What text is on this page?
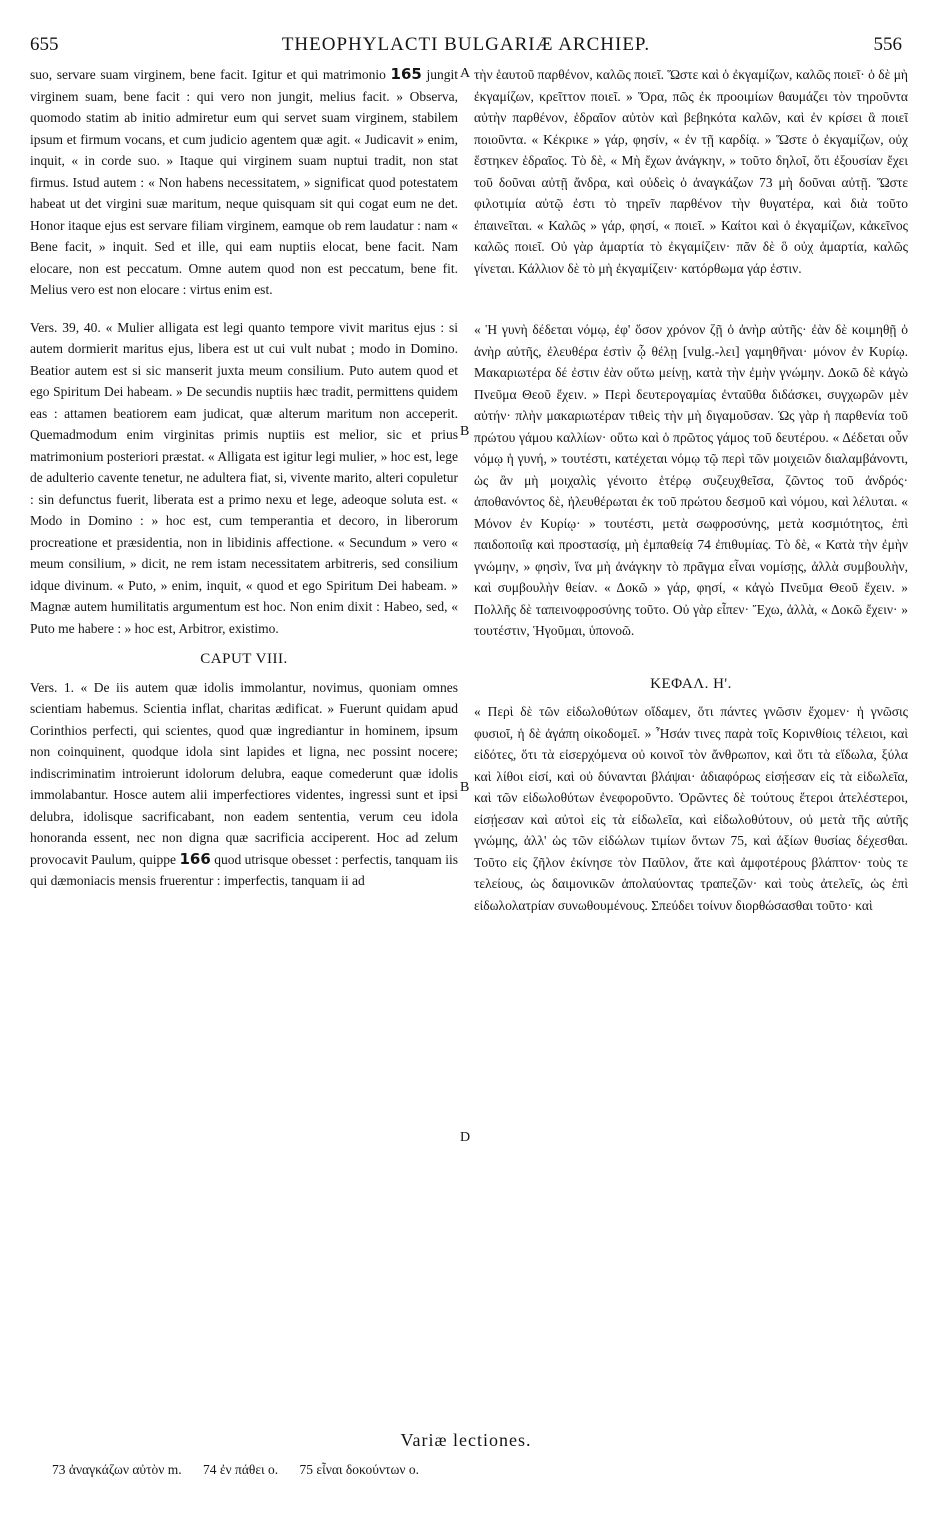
655	THEOPHYLACTI BULGARIÆ ARCHIEP.	556

suo, servare suam virginem, bene facit. Igitur et qui matrimonio 165 jungit virginem suam, bene facit : qui vero non jungit, melius facit. » Observa, quomodo statim ab initio admiretur eum qui servet suam virginem, stabilem ipsum et firmum vocans, et cum judicio agentem quæ agit. « Judicavit » enim, inquit, « in corde suo. » Itaque qui virginem suam nuptui tradit, non stat firmus. Istud autem : « Non habens necessitatem, » significat quod potestatem habeat ut det virgini suæ maritum, neque quisquam sit qui cogat eum ne det. Honor itaque ejus est servare filiam virginem, eamque ob rem laudatur : nam « Bene facit, » inquit. Sed et ille, qui eam nuptiis elocat, bene facit. Nam elocare, non est peccatum. Omne autem quod non est peccatum, bene fit. Melius vero est non elocare : virtus enim est.

Vers. 39, 40. « Mulier alligata est legi quanto tempore vivit maritus ejus : si autem dormierit maritus ejus, libera est ut cui vult nubat ; modo in Domino. Beatior autem est si sic manserit juxta meum consilium. Puto autem quod et ego Spiritum Dei habeam. » De secundis nuptiis hæc tradit, permittens quidem eas : attamen beatiorem eam judicat, quæ alterum maritum non acceperit. Quemadmodum enim virginitas primis nuptiis est melior, sic et prius matrimonium posteriori præstat. « Alligata est igitur legi mulier, » hoc est, lege de adulterio cavente tenetur, ne adultera fiat, si, vivente marito, alteri copuletur : sin defunctus fuerit, liberata est a primo nexu et lege, adeoque soluta est. « Modo in Domino : » hoc est, cum temperantia et decoro, in liberorum procreatione et præsidentia, non in libidinis affectione. « Secundum » vero « meum consilium, » dicit, ne rem istam necessitatem arbitreris, sed consilium idque divinum. « Puto, » enim, inquit, « quod et ego Spiritum Dei habeam. » Magnæ autem humilitatis argumentum est hoc. Non enim dixit : Habeo, sed, « Puto me habere : » hoc est, Arbitror, existimo.

CAPUT VIII.

Vers. 1. « De iis autem quæ idolis immolantur, novimus, quoniam omnes scientiam habemus. Scientia inflat, charitas ædificat. » Fuerunt quidam apud Corinthios perfecti, qui scientes, quod quæ ingrediantur in hominem, ipsum non coinquinent, quodque idola sint lapides et ligna, nec possint nocere; indiscriminatim introierunt idolorum delubra, eaque comederunt quæ idolis immolabantur. Hosce autem alii imperfectiores videntes, ingressi sunt et ipsi delubra, idolisque sacrificabant, non eadem sententia, verum ceu idola honoranda essent, nec non digna quæ sacrificia acciperent. Hoc ad zelum provocavit Paulum, quippe 166 quod utrisque obesset : perfectis, tanquam iis qui dæmoniacis mensis fruerentur : imperfectis, tanquam ii ad

A
B
B
D

τὴν ἑαυτοῦ παρθένον, καλῶς ποιεῖ. Ὥστε καὶ ὁ ἐκγαμίζων, καλῶς ποιεῖ· ὁ δὲ μὴ ἐκγαμίζων, κρεῖττον ποιεῖ. » Ὅρα, πῶς ἐκ προοιμίων θαυμάζει τὸν τηροῦντα αὐτὴν παρθένον, ἑδραῖον αὐτὸν καὶ βεβηκότα καλῶν, καὶ ἐν κρίσει ἃ ποιεῖ ποιοῦντα. « Κέκρικε » γάρ, φησίν, « ἐν τῇ καρδίᾳ. » Ὥστε ὁ ἐκγαμίζων, οὐχ ἕστηκεν ἑδραῖος. Τὸ δὲ, « Μὴ ἔχων ἀνάγκην, » τοῦτο δηλοῖ, ὅτι ἐξουσίαν ἔχει τοῦ δοῦναι αὐτῇ ἄνδρα, καὶ οὐδεὶς ὁ ἀναγκάζων 73 μὴ δοῦναι αὐτῇ. Ὥστε φιλοτιμία αὐτῷ ἐστι τὸ τηρεῖν παρθένον τὴν θυγατέρα, καὶ διὰ τοῦτο ἐπαινεῖται. « Καλῶς » γάρ, φησί, « ποιεῖ. » Καίτοι καὶ ὁ ἐκγαμίζων, κἀκεῖνος καλῶς ποιεῖ. Οὐ γὰρ ἁμαρτία τὸ ἐκγαμίζειν· πᾶν δὲ ὃ οὐχ ἁμαρτία, καλῶς γίνεται. Κάλλιον δὲ τὸ μὴ ἐκγαμίζειν· κατόρθωμα γάρ ἐστιν.

« Ἡ γυνὴ δέδεται νόμῳ, ἐφ' ὅσον χρόνον ζῇ ὁ ἀνὴρ αὐτῆς· ἐὰν δὲ κοιμηθῇ ὁ ἀνὴρ αὐτῆς, ἐλευθέρα ἐστὶν ᾧ θέλῃ [vulg.-λει] γαμηθῆναι· μόνον ἐν Κυρίῳ. Μακαριωτέρα δέ ἐστιν ἐὰν οὕτω μείνῃ, κατὰ τὴν ἐμὴν γνώμην. Δοκῶ δὲ κἀγὼ Πνεῦμα Θεοῦ ἔχειν. » Περὶ δευτερογαμίας ἐνταῦθα διδάσκει, συγχωρῶν μὲν αὐτήν· πλὴν μακαριωτέραν τιθεὶς τὴν μὴ διγαμοῦσαν. Ὡς γὰρ ἡ παρθενία τοῦ πρώτου γάμου καλλίων· οὕτω καὶ ὁ πρῶτος γάμος τοῦ δευτέρου. « Δέδεται οὖν νόμῳ ἡ γυνή, » τουτέστι, κατέχεται νόμῳ τῷ περὶ τῶν μοιχειῶν διαλαμβάνοντι, ὡς ἂν μὴ μοιχαλὶς γένοιτο ἑτέρῳ συζευχθεῖσα, ζῶντος τοῦ ἀνδρός· ἀποθανόντος δὲ, ἠλευθέρωται ἐκ τοῦ πρώτου δεσμοῦ καὶ νόμου, καὶ λέλυται. « Μόνον ἐν Κυρίῳ· » τουτέστι, μετὰ σωφροσύνης, μετὰ κοσμιότητος, ἐπὶ παιδοποιΐᾳ καὶ προστασίᾳ, μὴ ἐμπαθείᾳ 74 ἐπιθυμίας. Τὸ δὲ, « Κατὰ τὴν ἐμὴν γνώμην, » φησὶν, ἵνα μὴ ἀνάγκην τὸ πρᾶγμα εἶναι νομίσῃς, ἀλλὰ συμβουλὴν, καὶ συμβουλὴν θείαν. « Δοκῶ » γάρ, φησί, « κἀγὼ Πνεῦμα Θεοῦ ἔχειν. » Πολλῆς δὲ ταπεινοφροσύνης τοῦτο. Οὐ γὰρ εἶπεν· Ἔχω, ἀλλὰ, « Δοκῶ ἔχειν· » τουτέστιν, Ἡγοῦμαι, ὑπονοῶ.

ΚΕΦΑΛ. Η'.

« Περὶ δὲ τῶν εἰδωλοθύτων οἴδαμεν, ὅτι πάντες γνῶσιν ἔχομεν· ἡ γνῶσις φυσιοῖ, ἡ δὲ ἀγάπη οἰκοδομεῖ. » Ἦσάν τινες παρὰ τοῖς Κορινθίοις τέλειοι, καὶ εἰδότες, ὅτι τὰ εἰσερχόμενα οὐ κοινοῖ τὸν ἄνθρωπον, καὶ ὅτι τὰ εἴδωλα, ξύλα καὶ λίθοι εἰσί, καὶ οὐ δύνανται βλάψαι· ἀδιαφόρως εἰσῄεσαν εἰς τὰ εἰδωλεῖα, καὶ τῶν εἰδωλοθύτων ἐνεφοροῦντο. Ὁρῶντες δὲ τούτους ἕτεροι ἀτελέστεροι, εἰσῄεσαν καὶ αὐτοὶ εἰς τὰ εἰδωλεῖα, καὶ εἰδωλοθύτουν, οὐ μετὰ τῆς αὐτῆς γνώμης, ἀλλ' ὡς τῶν εἰδώλων τιμίων ὄντων 75, καὶ ἀξίων θυσίας δέχεσθαι. Τοῦτο εἰς ζῆλον ἐκίνησε τὸν Παῦλον, ἅτε καὶ ἀμφοτέρους βλάπτον· τοὺς τε τελείους, ὡς δαιμονικῶν ἀπολαύοντας τραπεζῶν· καὶ τοὺς ἀτελεῖς, ὡς ἐπὶ εἰδωλολατρίαν συνωθουμένους. Σπεύδει τοίνυν διορθώσασθαι τοῦτο· καὶ

Variæ lectiones.
73 ἀναγκάζων αὐτὸν m. 74 ἐν πάθει o. 75 εἶναι δοκούντων o.
